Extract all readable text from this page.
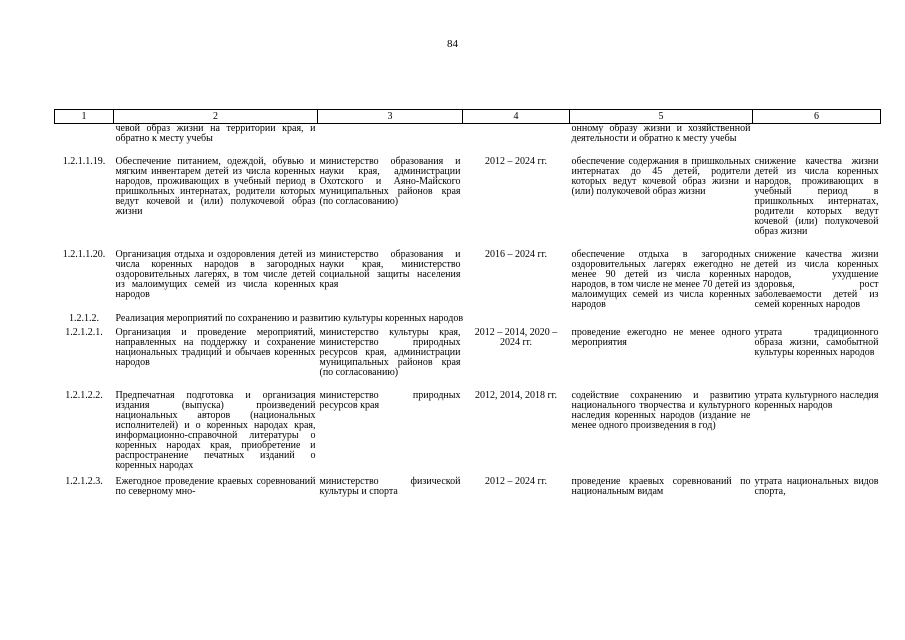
84
1	2	3	4	5	6
	чевой образ жизни на территории края, и обратно к месту учебы			онному образу жизни и хозяйственной деятельности и обратно к месту учебы	

1.2.1.1.19.	Обеспечение питанием, одеждой, обувью и мягким инвентарем детей из числа коренных народов, проживающих в учебный период в пришкольных интернатах, родители которых ведут кочевой и (или) полукочевой образ жизни	министерство образования и науки края, администрации Охотского и Аяно-Майского муниципальных районов края (по согласованию)	2012 – 2024 гг.	обеспечение содержания в пришкольных интернатах до 45 детей, родители которых ведут кочевой образ жизни и (или) полукочевой образ жизни	снижение качества жизни детей из числа коренных народов, проживающих в учебный период в пришкольных интернатах, родители которых ведут кочевой (или) полукочевой образ жизни

1.2.1.1.20.	Организация отдыха и оздоровления детей из числа коренных народов в загородных оздоровительных лагерях, в том числе детей из малоимущих семей из числа коренных народов	министерство образования и науки края, министерство социальной защиты населения края	2016 – 2024 гг.	обеспечение отдыха в загородных оздоровительных лагерях ежегодно не менее 90 детей из числа коренных народов, в том числе не менее 70 детей из малоимущих семей из числа коренных народов	снижение качества жизни детей из числа коренных народов, ухудшение здоровья, рост заболеваемости детей из семей коренных народов

1.2.1.2.	Реализация мероприятий по сохранению и развитию культуры коренных народов				

1.2.1.2.1.	Организация и проведение мероприятий, направленных на поддержку и сохранение национальных традиций и обычаев коренных народов	министерство культуры края, министерство природных ресурсов края, администрации муниципальных районов края (по согласованию)	2012 – 2014, 2020 – 2024 гг.	проведение ежегодно не менее одного мероприятия	утрата традиционного образа жизни, самобытной культуры коренных народов

1.2.1.2.2.	Предпечатная подготовка и организация издания (выпуска) произведений национальных авторов (национальных исполнителей) и о коренных народах края, информационно-справочной литературы о коренных народах края, приобретение и распространение печатных изданий о коренных народах	министерство природных ресурсов края	2012, 2014, 2018 гг.	содействие сохранению и развитию национального творчества и культурного наследия коренных народов (издание не менее одного произведения в год)	утрата культурного наследия коренных народов

1.2.1.2.3.	Ежегодное проведение краевых соревнований по северному мно-	министерство физической культуры и спорта	2012 – 2024 гг.	проведение краевых соревнований по национальным видам	утрата национальных видов спорта,
